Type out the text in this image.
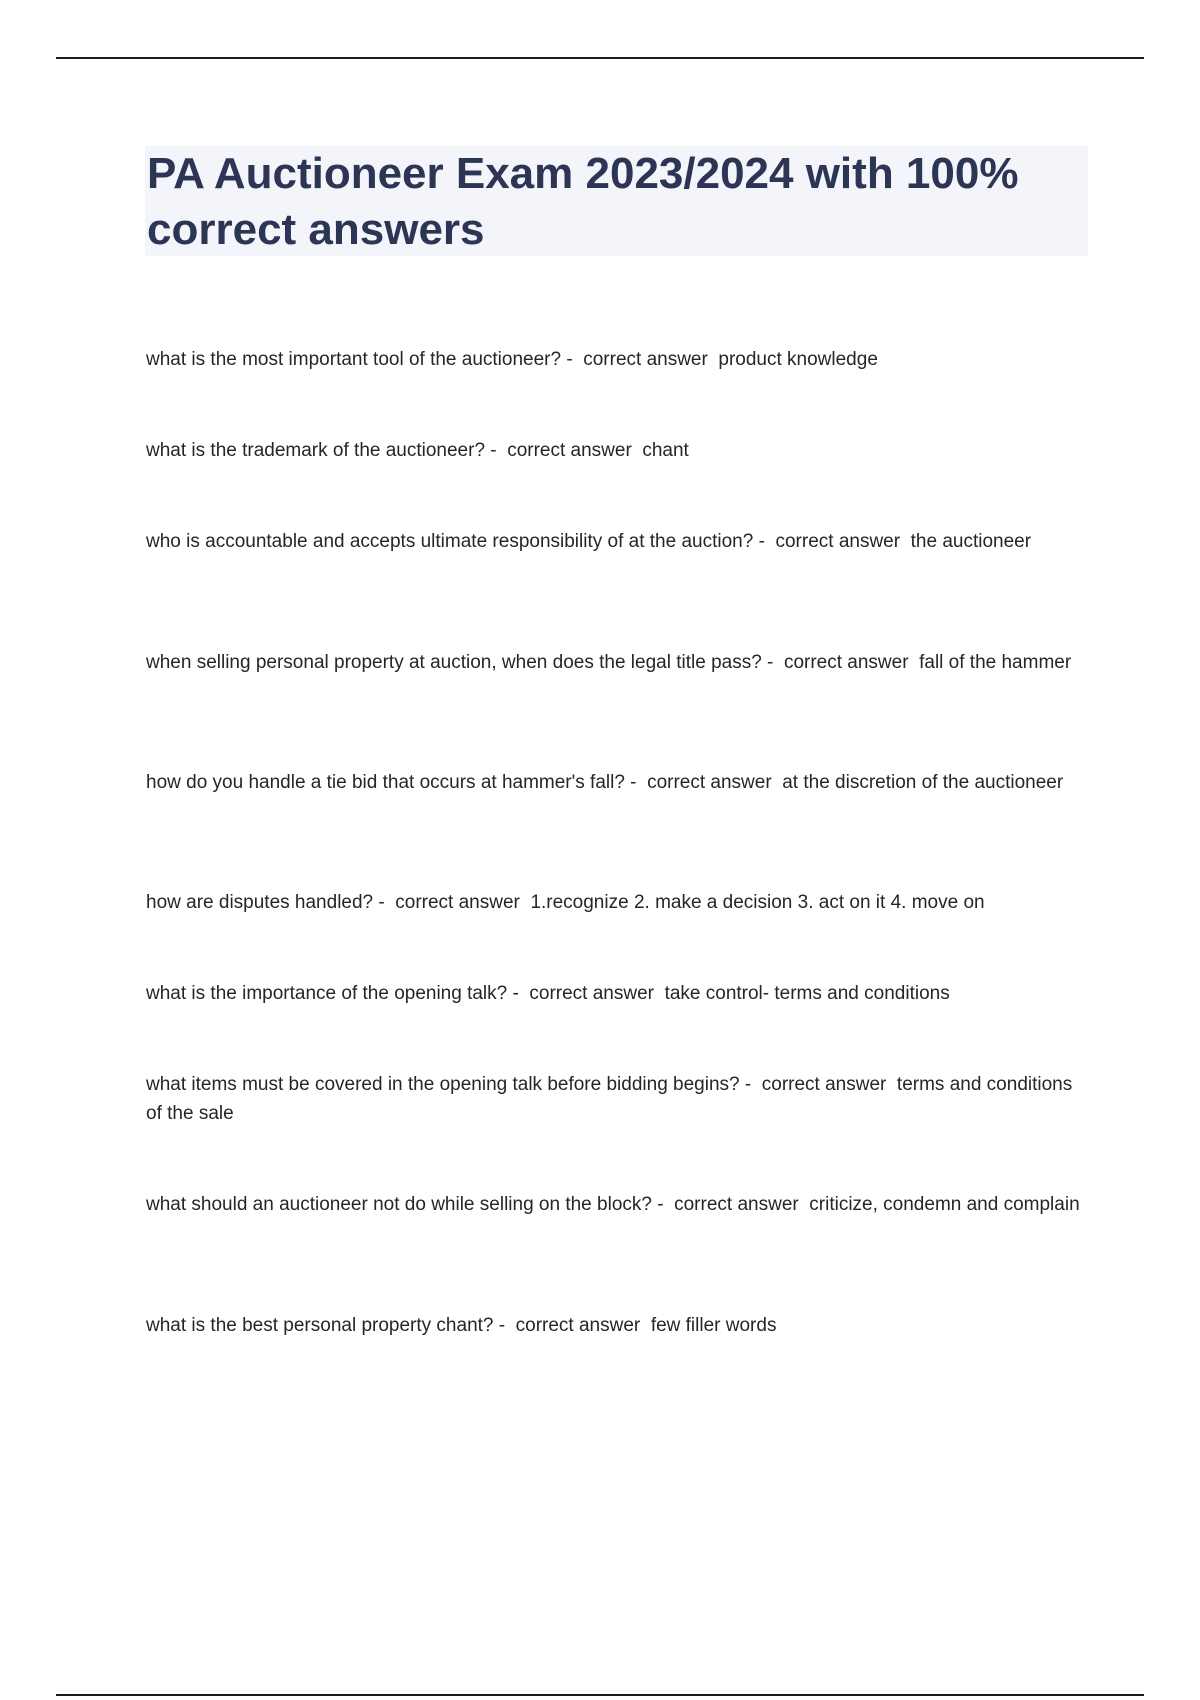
PA Auctioneer Exam 2023/2024 with 100% correct answers
what is the most important tool of the auctioneer? -  correct answer  product knowledge
what is the trademark of the auctioneer? -  correct answer  chant
who is accountable and accepts ultimate responsibility of at the auction? -  correct answer  the auctioneer
when selling personal property at auction, when does the legal title pass? -  correct answer  fall of the hammer
how do you handle a tie bid that occurs at hammer's fall? -  correct answer  at the discretion of the auctioneer
how are disputes handled? -  correct answer  1.recognize 2. make a decision 3. act on it 4. move on
what is the importance of the opening talk? -  correct answer  take control- terms and conditions
what items must be covered in the opening talk before bidding begins? -  correct answer  terms and conditions of the sale
what should an auctioneer not do while selling on the block? -  correct answer  criticize, condemn and complain
what is the best personal property chant? -  correct answer  few filler words
